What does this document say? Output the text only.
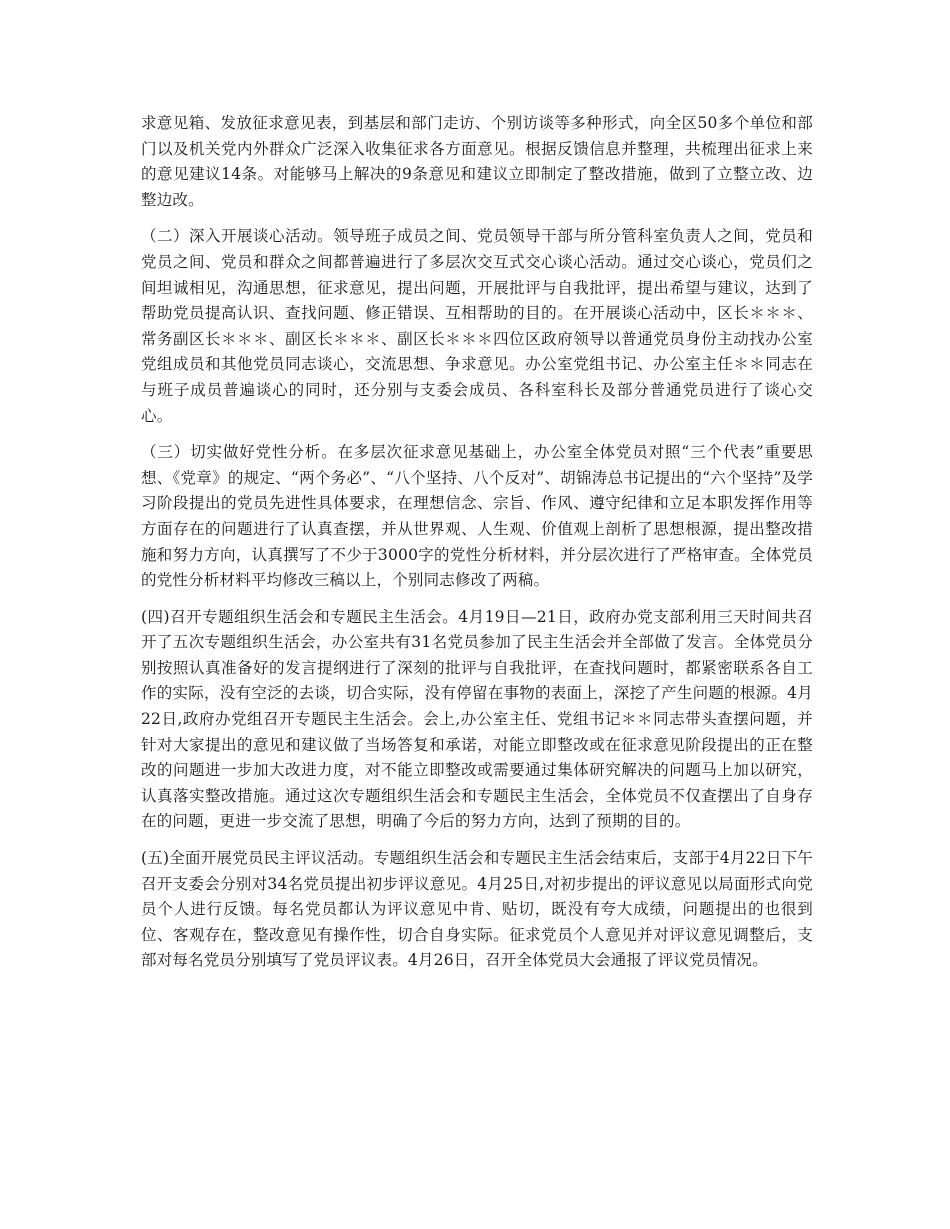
求意见箱、发放征求意见表，到基层和部门走访、个别访谈等多种形式，向全区50多个单位和部门以及机关党内外群众广泛深入收集征求各方面意见。根据反馈信息并整理，共梳理出征求上来的意见建议14条。对能够马上解决的9条意见和建议立即制定了整改措施，做到了立整立改、边整边改。

（二）深入开展谈心活动。领导班子成员之间、党员领导干部与所分管科室负责人之间，党员和党员之间、党员和群众之间都普遍进行了多层次交互式交心谈心活动。通过交心谈心，党员们之间坦诚相见，沟通思想，征求意见，提出问题，开展批评与自我批评，提出希望与建议，达到了帮助党员提高认识、查找问题、修正错误、互相帮助的目的。在开展谈心活动中，区长＊＊＊、常务副区长＊＊＊、副区长＊＊＊、副区长＊＊＊四位区政府领导以普通党员身份主动找办公室党组成员和其他党员同志谈心，交流思想、争求意见。办公室党组书记、办公室主任＊＊同志在与班子成员普遍谈心的同时，还分别与支委会成员、各科室科长及部分普通党员进行了谈心交心。

（三）切实做好党性分析。在多层次征求意见基础上，办公室全体党员对照“三个代表”重要思想、《党章》的规定、“两个务必”、“八个坚持、八个反对”、胡锦涛总书记提出的“六个坚持”及学习阶段提出的党员先进性具体要求，在理想信念、宗旨、作风、遵守纪律和立足本职发挥作用等方面存在的问题进行了认真查摆，并从世界观、人生观、价值观上剖析了思想根源，提出整改措施和努力方向，认真撰写了不少于3000字的党性分析材料，并分层次进行了严格审查。全体党员的党性分析材料平均修改三稿以上，个别同志修改了两稿。

(四)召开专题组织生活会和专题民主生活会。4月19日—21日，政府办党支部利用三天时间共召开了五次专题组织生活会，办公室共有31名党员参加了民主生活会并全部做了发言。全体党员分别按照认真准备好的发言提纲进行了深刻的批评与自我批评，在查找问题时，都紧密联系各自工作的实际，没有空泛的去谈，切合实际，没有停留在事物的表面上，深挖了产生问题的根源。4月22日,政府办党组召开专题民主生活会。会上,办公室主任、党组书记＊＊同志带头查摆问题，并针对大家提出的意见和建议做了当场答复和承诺，对能立即整改或在征求意见阶段提出的正在整改的问题进一步加大改进力度，对不能立即整改或需要通过集体研究解决的问题马上加以研究，认真落实整改措施。通过这次专题组织生活会和专题民主生活会，全体党员不仅查摆出了自身存在的问题，更进一步交流了思想，明确了今后的努力方向，达到了预期的目的。

(五)全面开展党员民主评议活动。专题组织生活会和专题民主生活会结束后，支部于4月22日下午召开支委会分别对34名党员提出初步评议意见。4月25日,对初步提出的评议意见以局面形式向党员个人进行反馈。每名党员都认为评议意见中肯、贴切，既没有夸大成绩，问题提出的也很到位、客观存在，整改意见有操作性，切合自身实际。征求党员个人意见并对评议意见调整后，支部对每名党员分别填写了党员评议表。4月26日，召开全体党员大会通报了评议党员情况。
